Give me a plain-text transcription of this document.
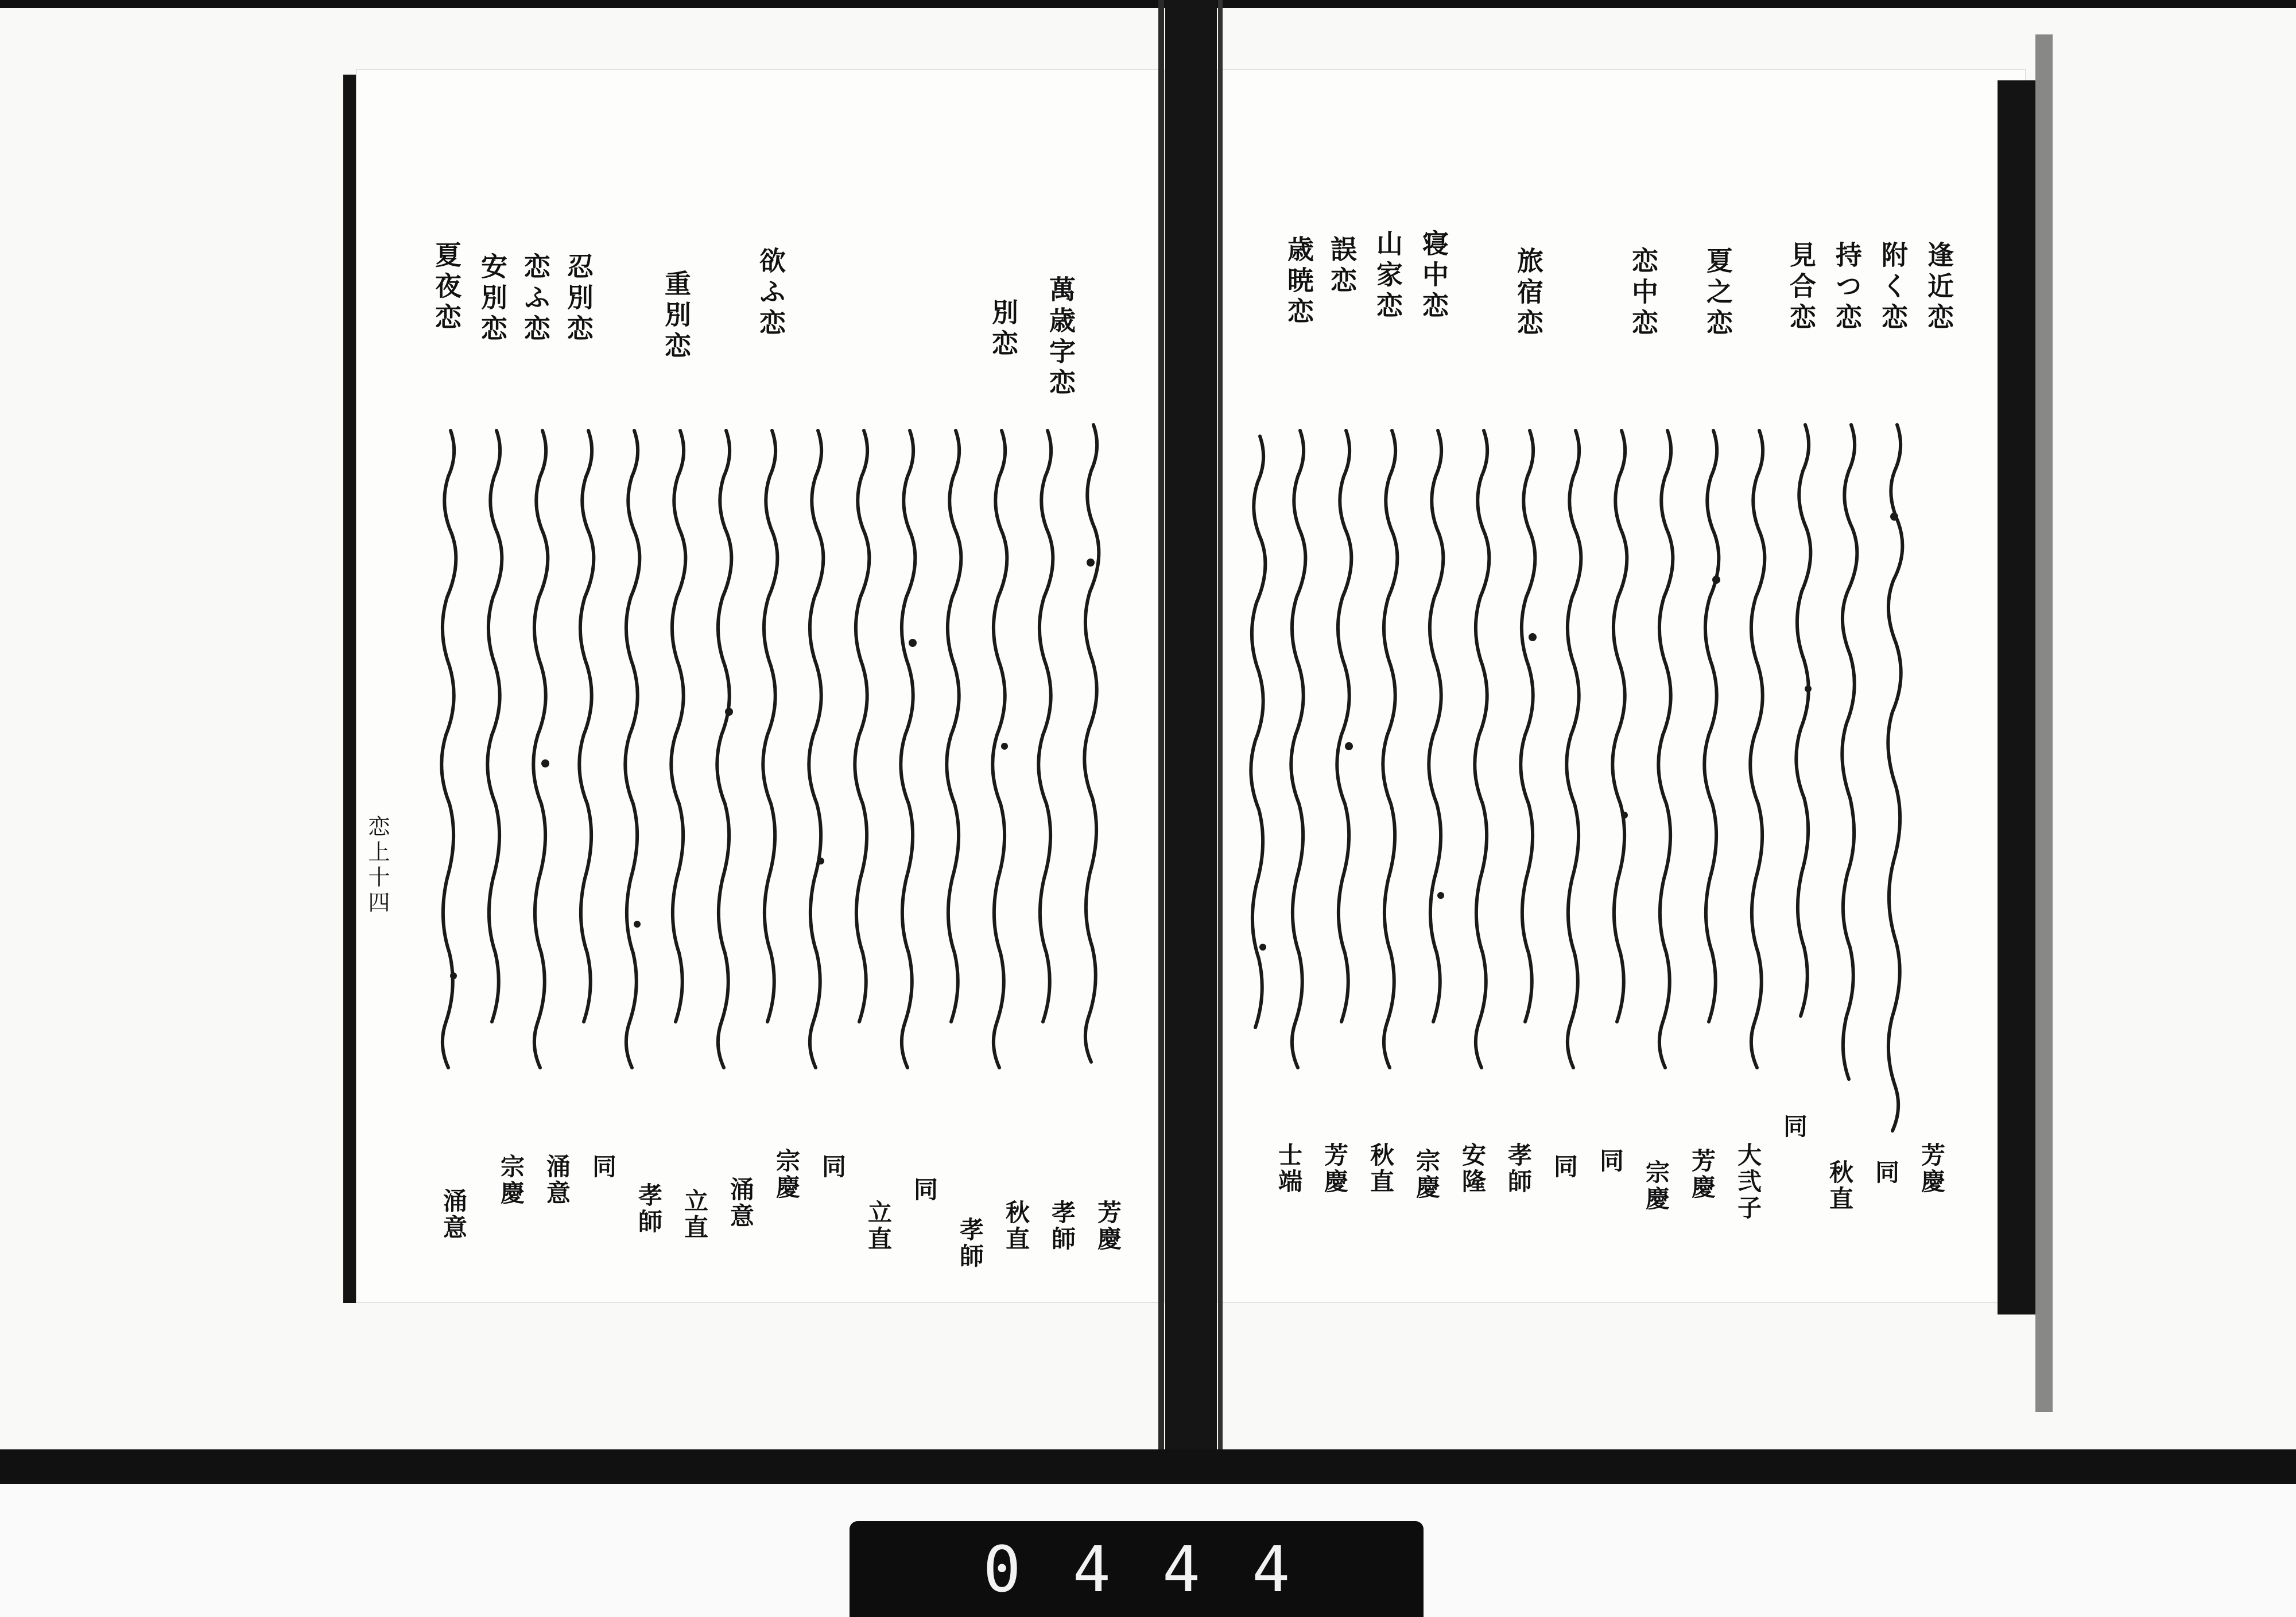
逢近恋
附く恋
持つ恋
見合恋
夏之恋
恋中恋
旅宿恋
寝中恋
山家恋
誤恋
歳暁恋
芳慶
同
秋直
同
大弐子
芳慶
宗慶
同
同
孝師
安隆
宗慶
秋直
芳慶
士端
萬歳字恋
別恋
欲ふ恋
重別恋
忍別恋
恋ふ恋
安別恋
夏夜恋
芳慶
孝師
秋直
孝師
同
立直
同
宗慶
涌意
立直
孝師
同
涌意
宗慶
涌意
恋上十四
0444
